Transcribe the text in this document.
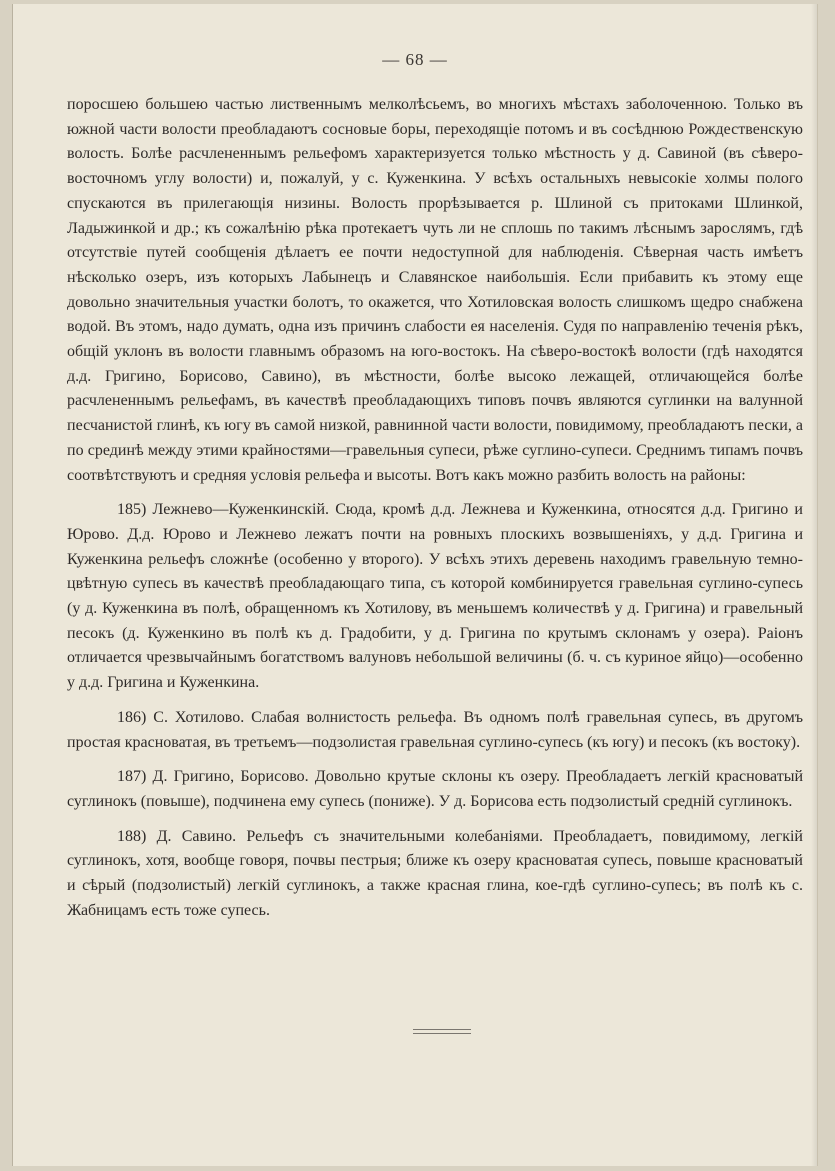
— 68 —

поросшею большею частью лиственнымъ мелколѣсьемъ, во многихъ мѣстахъ заболоченною. Только въ южной части волости преобладаютъ сосновые боры, переходящіе потомъ и въ сосѣднюю Рождественскую волость. Болѣе расчлененнымъ рельефомъ характеризуется только мѣстность у д. Савиной (въ сѣверо-восточномъ углу волости) и, пожалуй, у с. Куженкина. У всѣхъ остальныхъ невысокіе холмы полого спускаются въ прилегающія низины. Волость прорѣзывается р. Шлиной съ притоками Шлинкой, Ладыжинкой и др.; къ сожалѣнію рѣка протекаетъ чуть ли не сплошь по такимъ лѣснымъ зарослямъ, гдѣ отсутствіе путей сообщенія дѣлаетъ ее почти недоступной для наблюденія. Сѣверная часть имѣетъ нѣсколько озеръ, изъ которыхъ Лабынецъ и Славянское наибольшія. Если прибавить къ этому еще довольно значительныя участки болотъ, то окажется, что Хотиловская волость слишкомъ щедро снабжена водой. Въ этомъ, надо думать, одна изъ причинъ слабости ея населенія. Судя по направленію теченія рѣкъ, общій уклонъ въ волости главнымъ образомъ на юго-востокъ. На сѣверо-востокѣ волости (гдѣ находятся д.д. Григино, Борисово, Савино), въ мѣстности, болѣе высоко лежащей, отличающейся болѣе расчлененнымъ рельефамъ, въ качествѣ преобладающихъ типовъ почвъ являются суглинки на валунной песчанистой глинѣ, къ югу въ самой низкой, равнинной части волости, повидимому, преобладаютъ пески, а по срединѣ между этими крайностями—гравельныя супеси, рѣже суглино-супеси. Среднимъ типамъ почвъ соотвѣтствуютъ и средняя условія рельефа и высоты. Вотъ какъ можно разбить волость на районы:

185) Лежнево—Куженкинскій. Сюда, кромѣ д.д. Лежнева и Куженкина, относятся д.д. Григино и Юрово. Д.д. Юрово и Лежнево лежатъ почти на ровныхъ плоскихъ возвышеніяхъ, у д.д. Григина и Куженкина рельефъ сложнѣе (особенно у второго). У всѣхъ этихъ деревень находимъ гравельную темно-цвѣтную супесь въ качествѣ преобладающаго типа, съ которой комбинируется гравельная суглино-супесь (у д. Куженкина въ полѣ, обращенномъ къ Хотилову, въ меньшемъ количествѣ у д. Григина) и гравельный песокъ (д. Куженкино въ полѣ къ д. Градобити, у д. Григина по крутымъ склонамъ у озера). Раіонъ отличается чрезвычайнымъ богатствомъ валуновъ небольшой величины (б. ч. съ куриное яйцо)—особенно у д.д. Григина и Куженкина.

186) С. Хотилово. Слабая волнистость рельефа. Въ одномъ полѣ гравельная супесь, въ другомъ простая красноватая, въ третьемъ—подзолистая гравельная суглино-супесь (къ югу) и песокъ (къ востоку).

187) Д. Григино, Борисово. Довольно крутые склоны къ озеру. Преобладаетъ легкій красноватый суглинокъ (повыше), подчинена ему супесь (пониже). У д. Борисова есть подзолистый средній суглинокъ.

188) Д. Савино. Рельефъ съ значительными колебаніями. Преобладаетъ, повидимому, легкій суглинокъ, хотя, вообще говоря, почвы пестрыя; ближе къ озеру красноватая супесь, повыше красноватый и сѣрый (подзолистый) легкій суглинокъ, а также красная глина, кое-гдѣ суглино-супесь; въ полѣ къ с. Жабницамъ есть тоже супесь.
